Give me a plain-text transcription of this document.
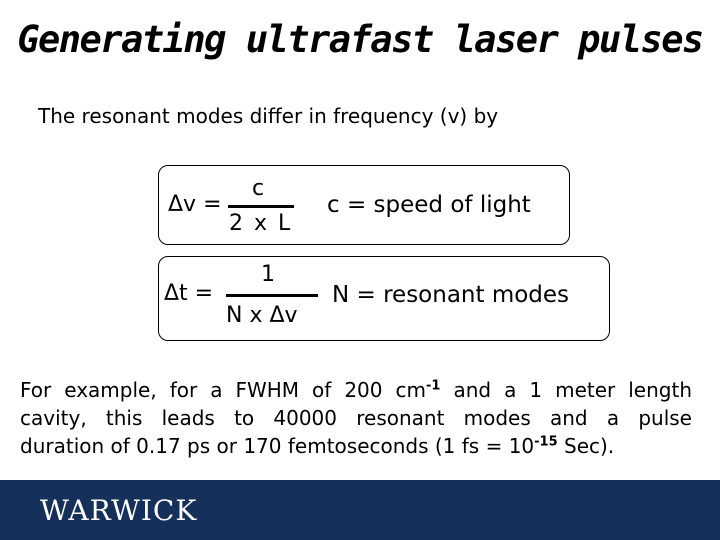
Generating ultrafast laser pulses
The resonant modes differ in frequency (v) by
Δv =
c
2 x L
c = speed of light
Δt =
1
N x Δv
N = resonant modes
For example, for a FWHM of 200 $cm^{-1}$ and a 1 meter length
cavity, this leads to 40000 resonant modes and a pulse
duration of 0.17 ps or 170 femtoseconds (1 fs = $10^{-15}$ Sec).
WARWICK
